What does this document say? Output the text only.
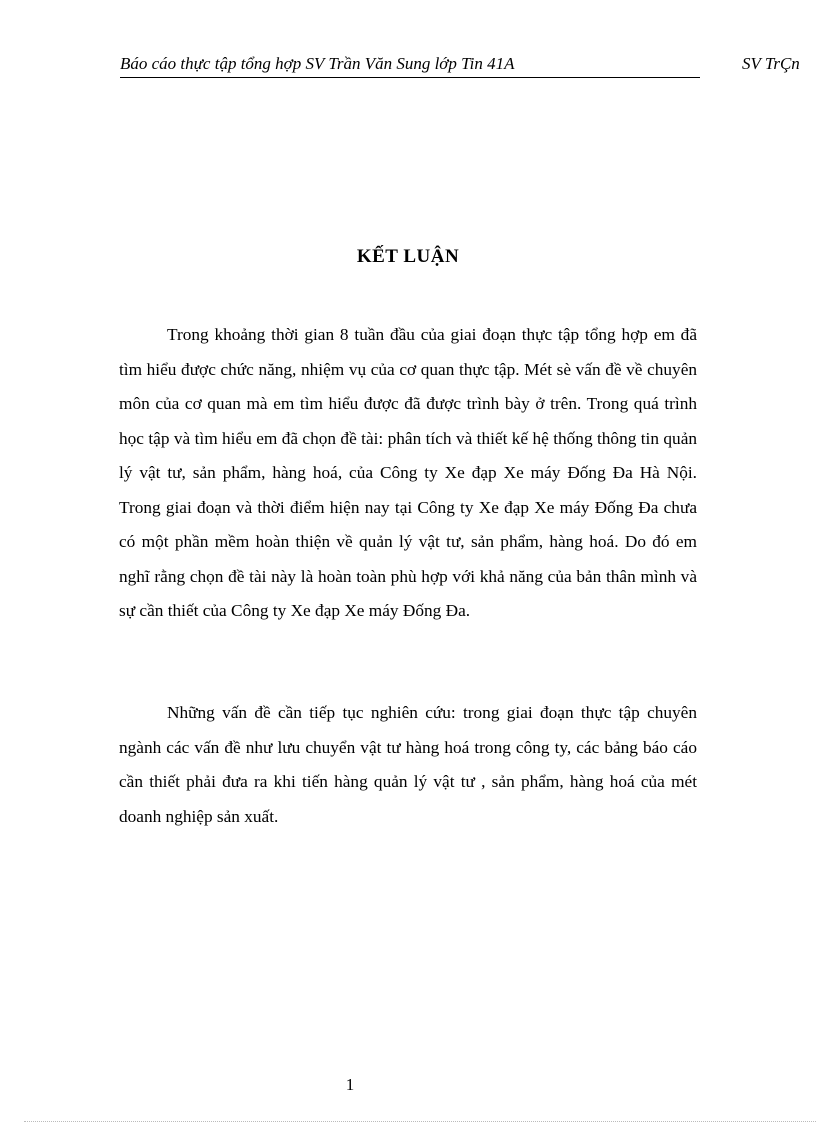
Báo cáo thực tập tổng hợp SV Trần Văn Sung lớp Tin 41A	SV TrÇn
KẾT LUẬN

Trong khoảng thời gian 8 tuần đầu của giai đoạn thực tập tổng hợp em đã tìm hiểu được chức năng, nhiệm vụ của cơ quan thực tập. Mét sè vấn đề về chuyên môn của cơ quan mà em tìm hiểu được đã được trình bày ở trên. Trong quá trình học tập và tìm hiểu em đã chọn đề tài: phân tích và thiết kế hệ thống thông tin quản lý vật tư, sản phẩm, hàng hoá, của Công ty Xe đạp Xe máy Đống Đa Hà Nội. Trong giai đoạn và thời điểm hiện nay tại Công ty Xe đạp Xe máy Đống Đa chưa có một phần mềm hoàn thiện về quản lý vật tư, sản phẩm, hàng hoá. Do đó em nghĩ rằng chọn đề tài này là hoàn toàn phù hợp với khả năng của bản thân mình và sự cần thiết của Công ty Xe đạp Xe máy Đống Đa.

Những vấn đề cần tiếp tục nghiên cứu: trong giai đoạn thực tập chuyên ngành các vấn đề như lưu chuyển vật tư hàng hoá trong công ty, các bảng báo cáo cần thiết phải đưa ra khi tiến hàng quản lý vật tư , sản phẩm, hàng hoá của mét doanh nghiệp sản xuất.

1
